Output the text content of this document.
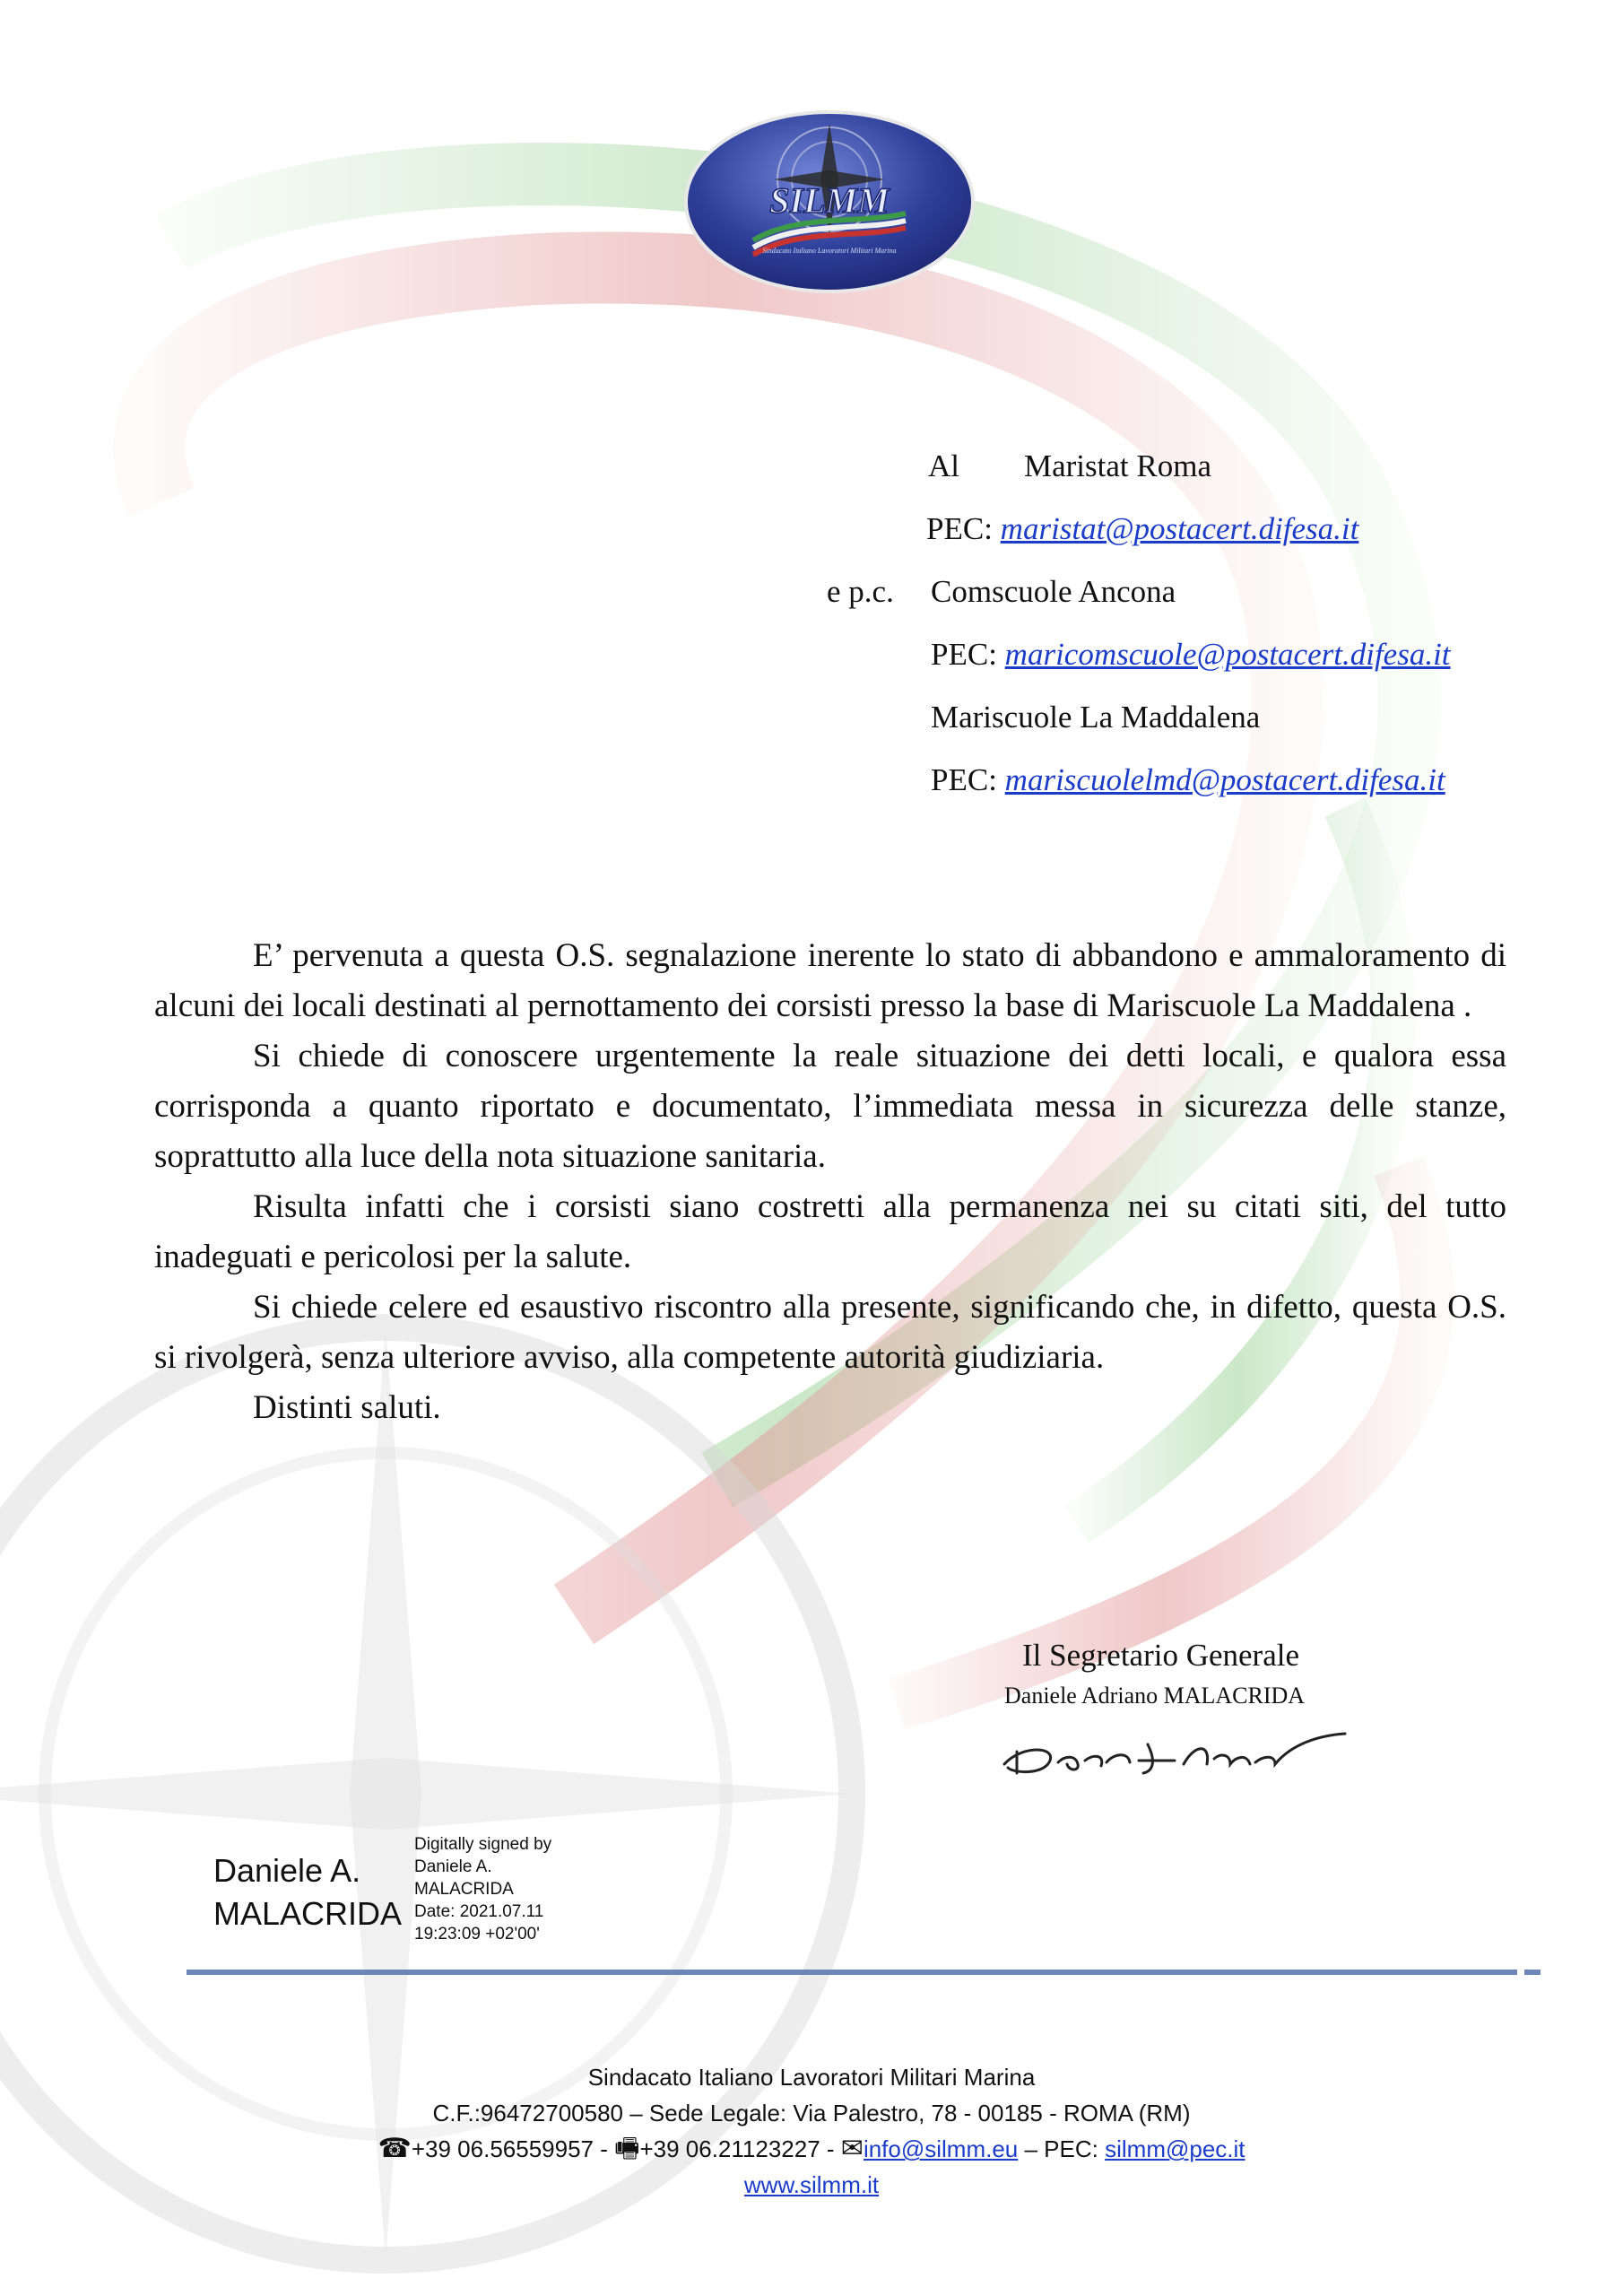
SILMM
Sindacato Italiano Lavoratori Militari Marina
Al Maristat Roma
PEC: maristat@postacert.difesa.it
e p.c. Comscuole Ancona
PEC: maricomscuole@postacert.difesa.it
Mariscuole La Maddalena
PEC: mariscuolelmd@postacert.difesa.it

E’ pervenuta a questa O.S. segnalazione inerente lo stato di abbandono e ammaloramento di alcuni dei locali destinati al pernottamento dei corsisti presso la base di Mariscuole La Maddalena .

Si chiede di conoscere urgentemente la reale situazione dei detti locali, e qualora essa corrisponda a quanto riportato e documentato, l’immediata messa in sicurezza delle stanze, soprattutto alla luce della nota situazione sanitaria.

Risulta infatti che i corsisti siano costretti alla permanenza nei su citati siti, del tutto inadeguati e pericolosi per la salute.

Si chiede celere ed esaustivo riscontro alla presente, significando che, in difetto, questa O.S. si rivolgerà, senza ulteriore avviso, alla competente autorità giudiziaria.

Distinti saluti.

Il Segretario Generale
Daniele Adriano MALACRIDA
Daniele A.
MALACRIDA
Digitally signed by
Daniele A.
MALACRIDA
Date: 2021.07.11
19:23:09 +02'00'
Sindacato Italiano Lavoratori Militari Marina
C.F.:96472700580 – Sede Legale: Via Palestro, 78 - 00185 - ROMA (RM)
☎+39 06.56559957 - 🖷+39 06.21123227 - ✉info@silmm.eu – PEC: silmm@pec.it
www.silmm.it
